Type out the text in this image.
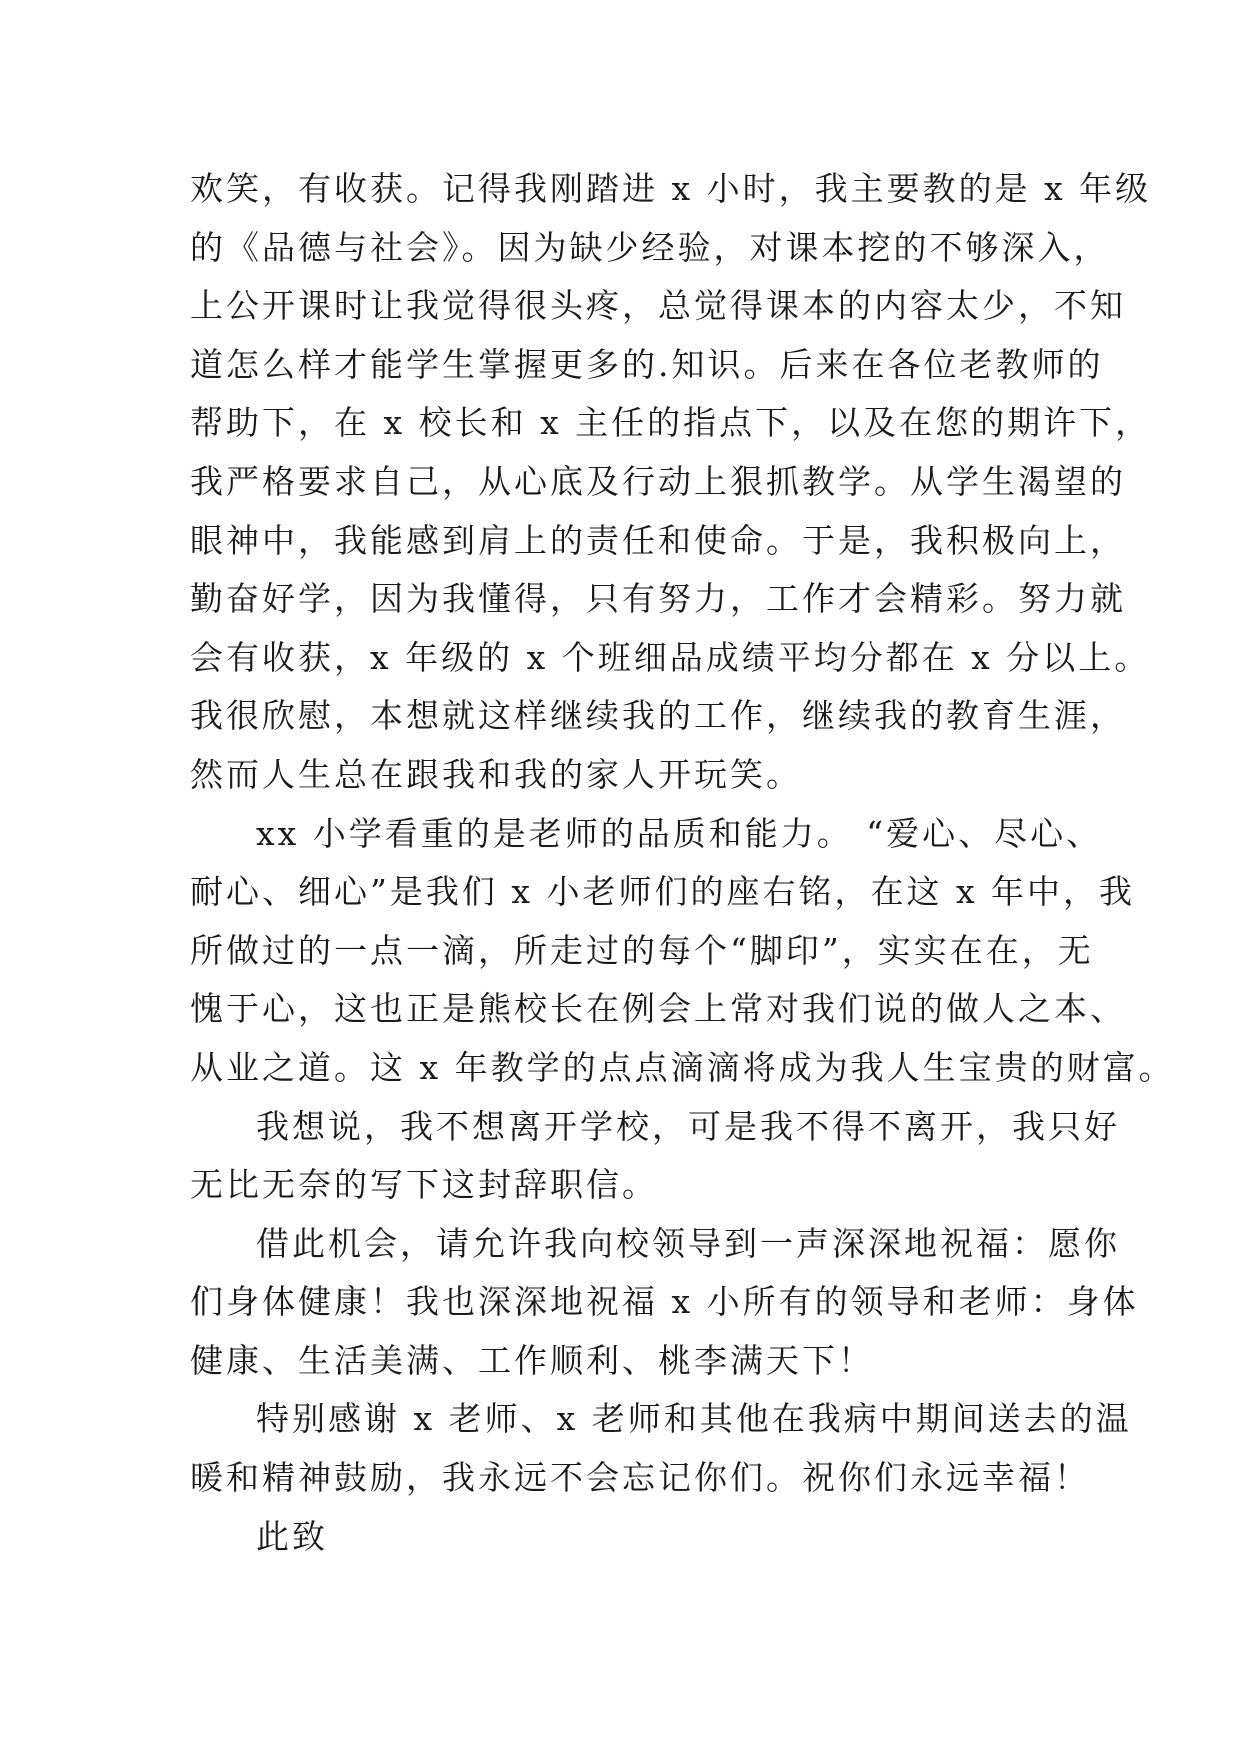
欢笑，有收获。记得我刚踏进 x 小时，我主要教的是 x 年级
的《品德与社会》。因为缺少经验，对课本挖的不够深入，
上公开课时让我觉得很头疼，总觉得课本的内容太少，不知
道怎么样才能学生掌握更多的.知识。后来在各位老教师的
帮助下，在 x 校长和 x 主任的指点下，以及在您的期许下，
我严格要求自己，从心底及行动上狠抓教学。从学生渴望的
眼神中，我能感到肩上的责任和使命。于是，我积极向上，
勤奋好学，因为我懂得，只有努力，工作才会精彩。努力就
会有收获，x 年级的 x 个班细品成绩平均分都在 x 分以上。
我很欣慰，本想就这样继续我的工作，继续我的教育生涯，
然而人生总在跟我和我的家人开玩笑。
xx 小学看重的是老师的品质和能力。 “爱心、尽心、
耐心、细心”是我们 x 小老师们的座右铭，在这 x 年中，我
所做过的一点一滴，所走过的每个“脚印”，实实在在，无
愧于心，这也正是熊校长在例会上常对我们说的做人之本、
从业之道。这 x 年教学的点点滴滴将成为我人生宝贵的财富。
我想说，我不想离开学校，可是我不得不离开，我只好
无比无奈的写下这封辞职信。
借此机会，请允许我向校领导到一声深深地祝福：愿你
们身体健康！我也深深地祝福 x 小所有的领导和老师：身体
健康、生活美满、工作顺利、桃李满天下！
特别感谢 x 老师、x 老师和其他在我病中期间送去的温
暖和精神鼓励，我永远不会忘记你们。祝你们永远幸福！
此致
